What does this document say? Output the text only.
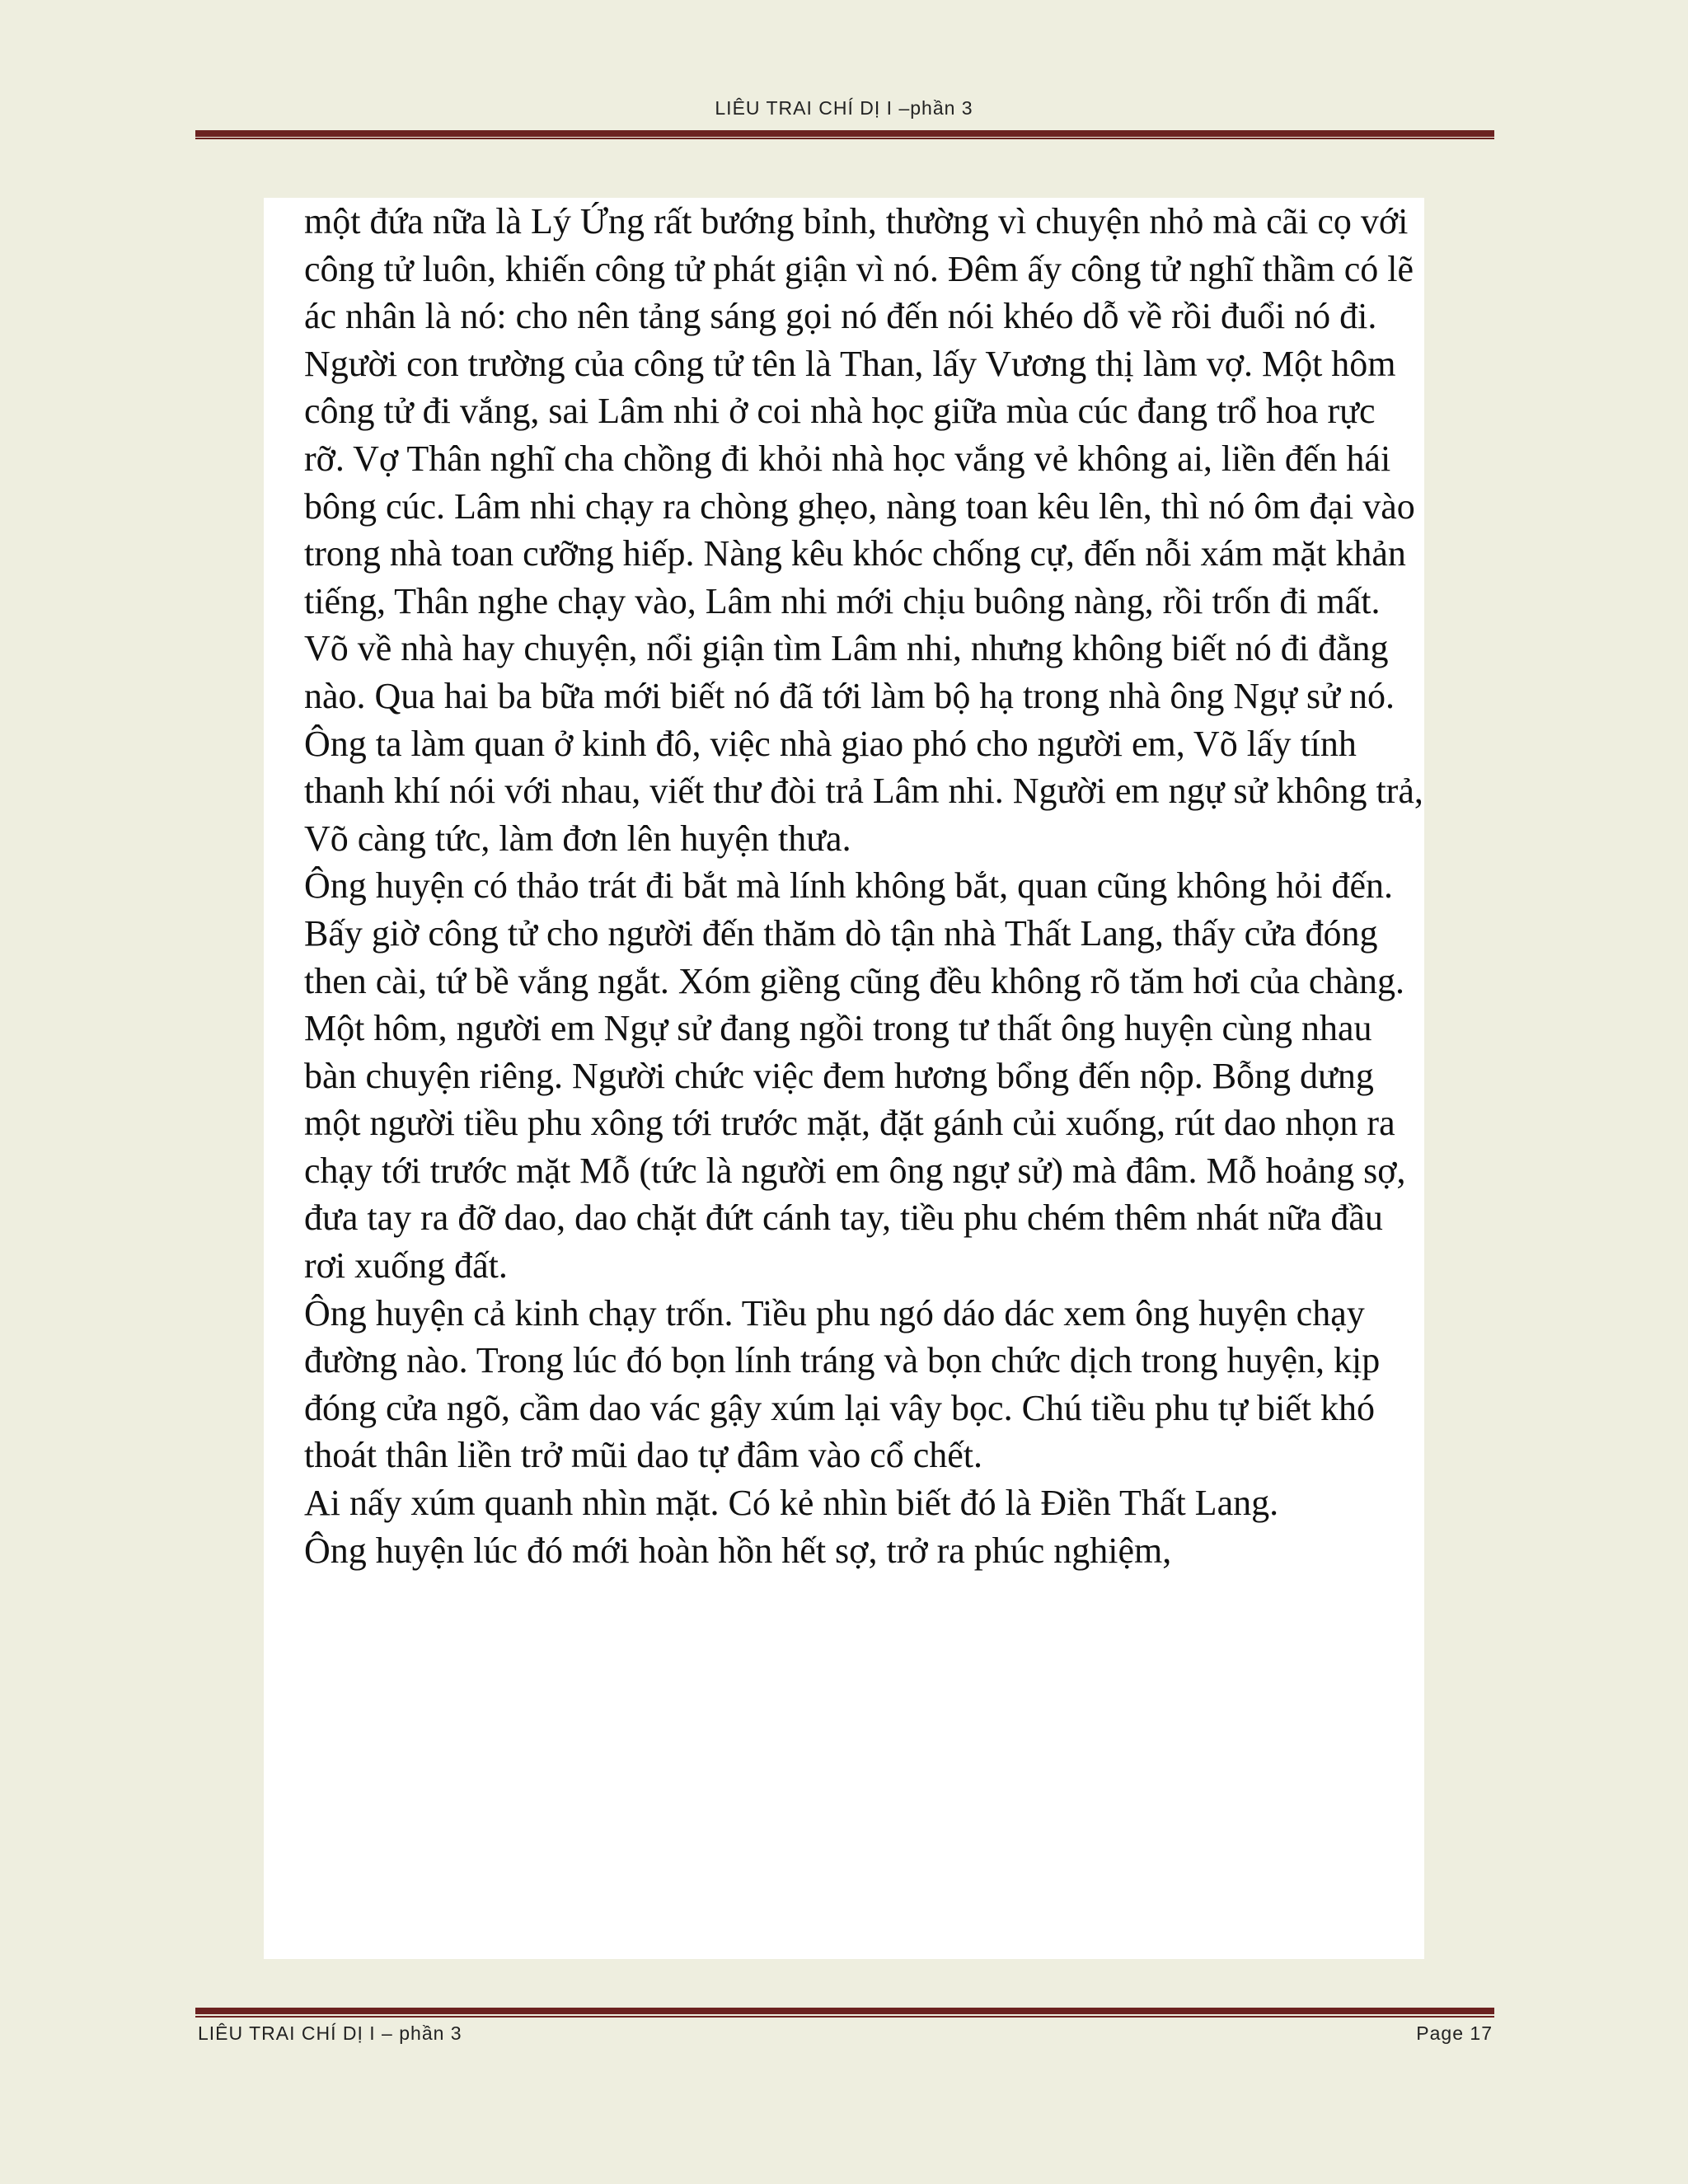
LIÊU TRAI CHÍ DỊ I –phần 3

một đứa nữa là Lý Ứng rất bướng bỉnh, thường vì chuyện nhỏ mà cãi cọ với công tử luôn, khiến công tử phát giận vì nó. Đêm ấy công tử nghĩ thầm có lẽ ác nhân là nó: cho nên tảng sáng gọi nó đến nói khéo dỗ về rồi đuổi nó đi.

Người con trường của công tử tên là Than, lấy Vương thị làm vợ. Một hôm công tử đi vắng, sai Lâm nhi ở coi nhà học giữa mùa cúc đang trổ hoa rực rỡ. Vợ Thân nghĩ cha chồng đi khỏi nhà học vắng vẻ không ai, liền đến hái bông cúc. Lâm nhi chạy ra chòng ghẹo, nàng toan kêu lên, thì nó ôm đại vào trong nhà toan cưỡng hiếp. Nàng kêu khóc chống cự, đến nỗi xám mặt khản tiếng, Thân nghe chạy vào, Lâm nhi mới chịu buông nàng, rồi trốn đi mất.

Võ về nhà hay chuyện, nổi giận tìm Lâm nhi, nhưng không biết nó đi đằng nào. Qua hai ba bữa mới biết nó đã tới làm bộ hạ trong nhà ông Ngự sử nó. Ông ta làm quan ở kinh đô, việc nhà giao phó cho người em, Võ lấy tính thanh khí nói với nhau, viết thư đòi trả Lâm nhi. Người em ngự sử không trả, Võ càng tức, làm đơn lên huyện thưa.

Ông huyện có thảo trát đi bắt mà lính không bắt, quan cũng không hỏi đến. Bấy giờ công tử cho người đến thăm dò tận nhà Thất Lang, thấy cửa đóng then cài, tứ bề vắng ngắt. Xóm giềng cũng đều không rõ tăm hơi của chàng.

Một hôm, người em Ngự sử đang ngồi trong tư thất ông huyện cùng nhau bàn chuyện riêng. Người chức việc đem hương bổng đến nộp. Bỗng dưng một người tiều phu xông tới trước mặt, đặt gánh củi xuống, rút dao nhọn ra chạy tới trước mặt Mỗ (tức là người em ông ngự sử) mà đâm. Mỗ hoảng sợ, đưa tay ra đỡ dao, dao chặt đứt cánh tay, tiều phu chém thêm nhát nữa đầu rơi xuống đất.

Ông huyện cả kinh chạy trốn. Tiều phu ngó dáo dác xem ông huyện chạy đường nào. Trong lúc đó bọn lính tráng và bọn chức dịch trong huyện, kịp đóng cửa ngõ, cầm dao vác gậy xúm lại vây bọc. Chú tiều phu tự biết khó thoát thân liền trở mũi dao tự đâm vào cổ chết.

Ai nấy xúm quanh nhìn mặt. Có kẻ nhìn biết đó là Điền Thất Lang.

Ông huyện lúc đó mới hoàn hồn hết sợ, trở ra phúc nghiệm,

LIÊU TRAI CHÍ DỊ I – phần 3	Page 17
